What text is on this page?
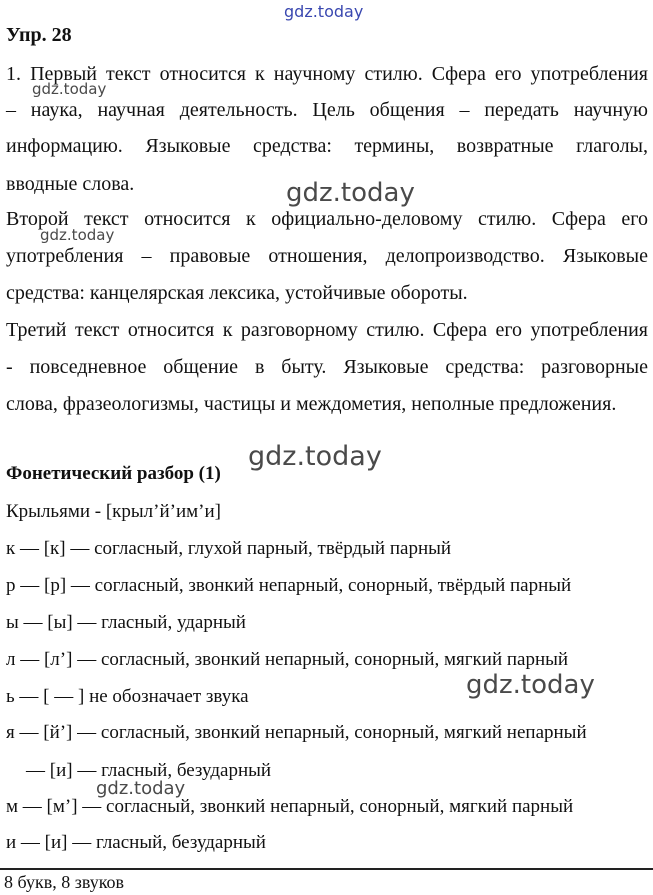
gdz.today
Упр. 28
1. Первый текст относится к научному стилю. Сфера его употребления
– наука, научная деятельность. Цель общения – передать научную
информацию. Языковые средства: термины, возвратные глаголы,
вводные слова.
Второй текст относится к официально-деловому стилю. Сфера его
употребления – правовые отношения, делопроизводство. Языковые
средства: канцелярская лексика, устойчивые обороты.
Третий текст относится к разговорному стилю. Сфера его употребления
- повседневное общение в быту. Языковые средства: разговорные
слова, фразеологизмы, частицы и междометия, неполные предложения.
Фонетический разбор (1)
Крыльями - [крыл’й’им’и]
к — [к] — согласный, глухой парный, твёрдый парный
р — [р] — согласный, звонкий непарный, сонорный, твёрдый парный
ы — [ы] — гласный, ударный
л — [л’] — согласный, звонкий непарный, сонорный, мягкий парный
ь — [ — ] не обозначает звука
я — [й’] — согласный, звонкий непарный, сонорный, мягкий непарный
— [и] — гласный, безударный
м — [м’] — согласный, звонкий непарный, сонорный, мягкий парный
и — [и] — гласный, безударный
8 букв, 8 звуков
gdz.today
gdz.today
gdz.today
gdz.today
gdz.today
gdz.today
